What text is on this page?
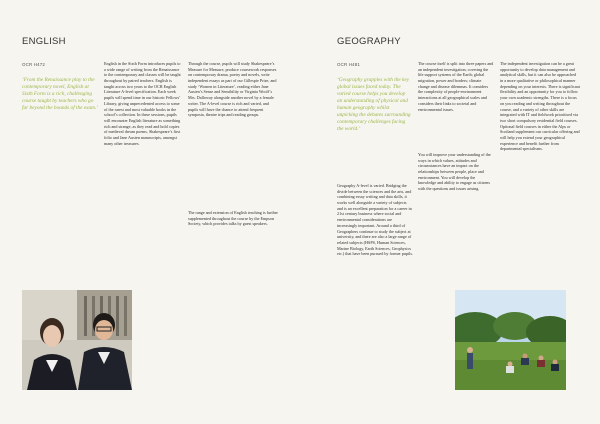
ENGLISH
OCR H472
‘From the Renaissance play to the contemporary novel, English at Sixth Form is a rich, challenging course taught by teachers who go far beyond the bounds of the exam.’
English in the Sixth Form introduces pupils to a wide range of writing from the Renaissance to the contemporary and classes will be taught throughout by paired teachers. English is taught across two years to the OCR English Literature A-level specification. Each week pupils will spend time in our historic Fellows’ Library, giving unprecedented access to some of the rarest and most valuable books in the school’s collection. In these sessions, pupils will encounter English literature as something rich and strange, as they read and hold copies of medieval dream poems, Shakespeare’s first folio and Jane Austen manuscripts, amongst many other treasures.
Through the course, pupils will study Shakespeare’s Measure for Measure, produce coursework responses on contemporary drama, poetry and novels, write independent essays as part of our Gillespie Prize, and study ‘Women in Literature’, reading either Jane Austen’s Sense and Sensibility or Virginia Woolf’s Mrs. Dalloway alongside another novel by a female writer. The A-level course is rich and varied, and pupils will have the chance to attend frequent symposia, theatre trips and reading groups.
The range and extension of English teaching is further supplemented throughout the course by the Empson Society, which provides talks by guest speakers.
GEOGRAPHY
OCR H481
‘Geography grapples with the key global issues faced today. The varied course helps you develop an understanding of physical and human geography whilst unpicking the debates surrounding contemporary challenges facing the world.’
Geography A-level is varied. Bridging the divide between the sciences and the arts, and combining essay writing and data skills, it works well alongside a variety of subjects and is an excellent preparation for a career in 21st century business where social and environmental considerations are increasingly important. Around a third of Geographers continue to study the subject at university, and there are also a large range of related subjects (HSPS, Human Sciences, Marine Biology, Earth Sciences, Geophysics etc.) that have been pursued by former pupils.
The course itself is split into three papers and an independent investigation, covering the life support systems of the Earth; global migration, power and borders; climate change and disease dilemmas. It considers the complexity of people-environment interactions at all geographical scales and considers their links to societal and environmental issues.
You will improve your understanding of the ways in which values, attitudes and circumstances have an impact on the relationships between people, place and environment. You will develop the knowledge and ability to engage as citizens with the questions and issues arising.
The independent investigation can be a great opportunity to develop data management and analytical skills, but it can also be approached in a more qualitative or philosophical manner depending on your interests. There is significant flexibility and an opportunity for you to follow your own academic strengths. There is a focus on you reading and writing throughout the course, and a variety of other skills are integrated with IT and fieldwork prioritised via two short compulsory residential field courses. Optional field courses in either the Alps or Scotland supplement our curricular offering and will help you extend your geographical experience and benefit further from departmental specialisms.
